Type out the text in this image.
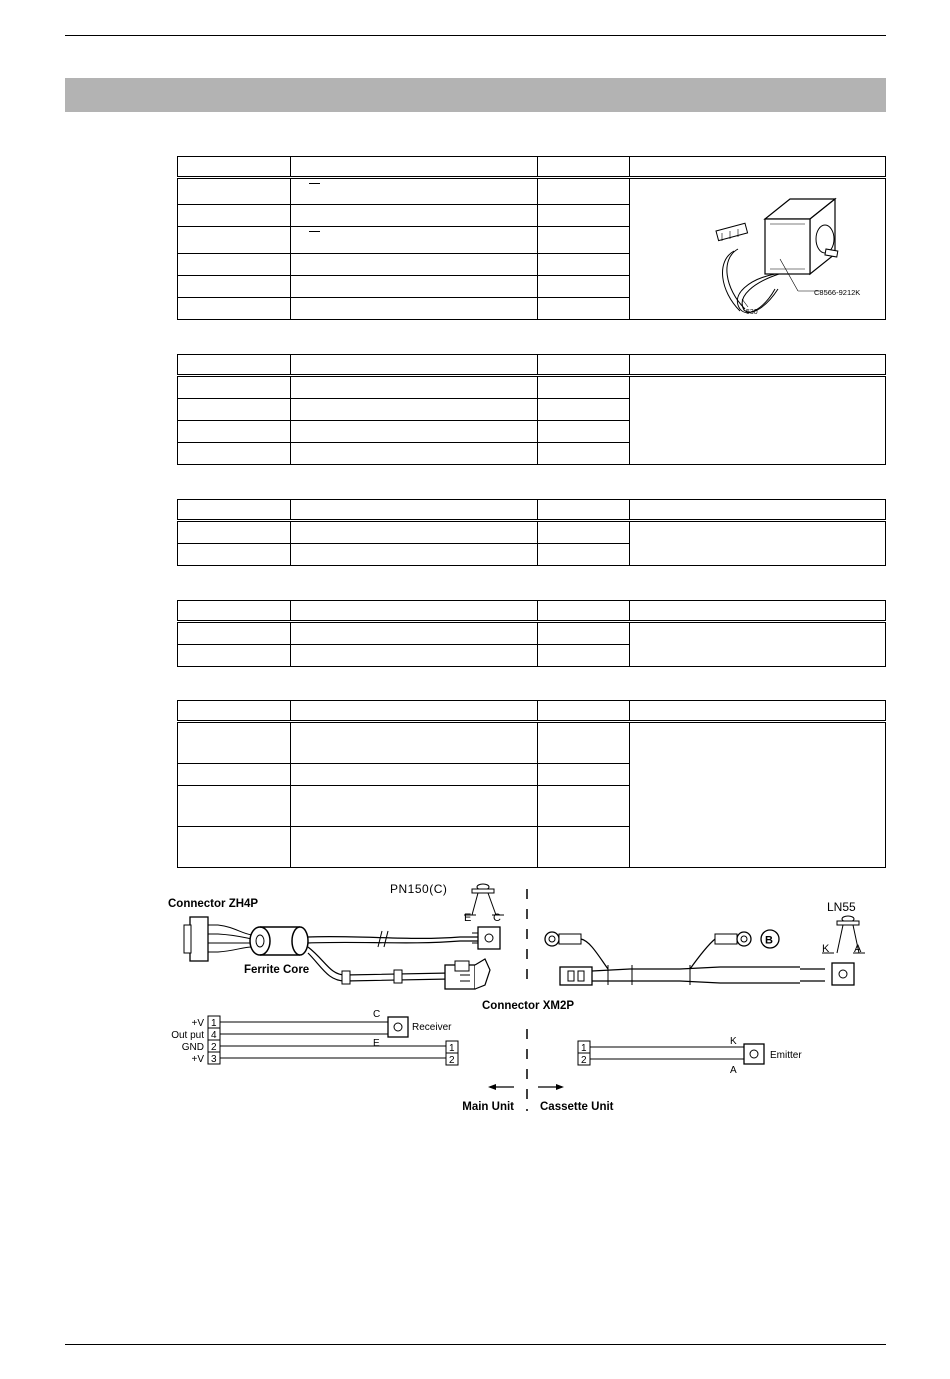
C8566-9212K
530

Connector ZH4P
Ferrite Core
PN150(C)
E C
Connector XM2P
B
LN55
K A
+V 1
Out put 4
GND 2
+V 3
C
E
Receiver
1
2
1
2
K
A
Emitter
Main Unit Cassette Unit
